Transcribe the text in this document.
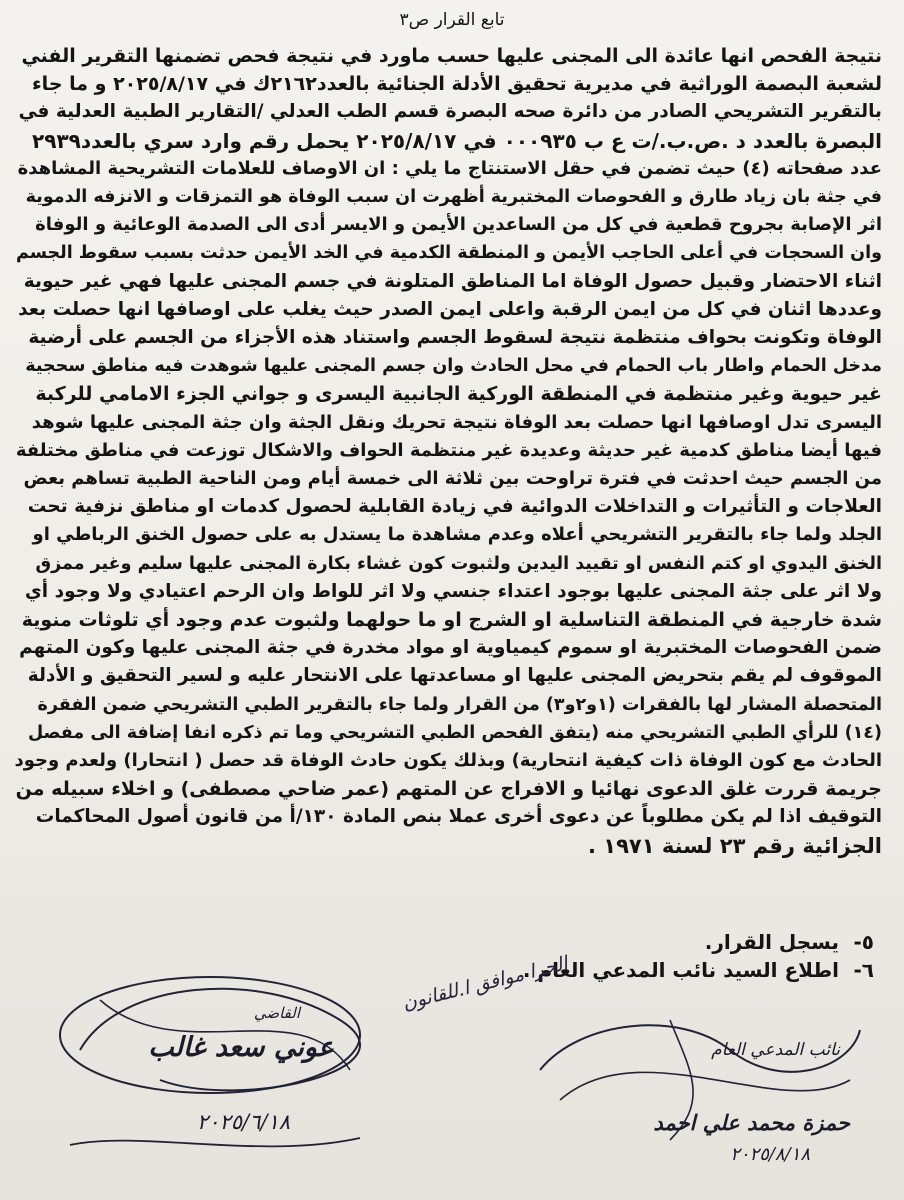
تابع القرار ص٣

نتيجة الفحص انها عائدة الى المجنى عليها حسب ماورد في نتيجة فحص تضمنها التقرير الفني

لشعبة البصمة الوراثية في مديرية تحقيق الأدلة الجنائية بالعدد٢١٦٢ك في ٢٠٢٥/٨/١٧ و ما جاء

بالتقرير التشريحي الصادر من دائرة صحه البصرة قسم الطب العدلي /التقارير الطبية العدلية في

البصرة بالعدد د .ص.ب./ت ع ب ٠٠٠٩٣٥ في ٢٠٢٥/٨/١٧ يحمل رقم وارد سري بالعدد٢٩٣٩

عدد صفحاته (٤) حيث تضمن في حقل الاستنتاج ما يلي : ان الاوصاف للعلامات التشريحية المشاهدة

في جثة بان زياد طارق و الفحوصات المختبرية أظهرت ان سبب الوفاة هو التمزقات و الانزفه الدموية

اثر الإصابة بجروح قطعية في كل من الساعدين الأيمن و الايسر أدى الى الصدمة الوعائية و الوفاة

وان السحجات في أعلى الحاجب الأيمن و المنطقة الكدمية في الخد الأيمن حدثت بسبب سقوط الجسم

اثناء الاحتضار وقبيل حصول الوفاة اما المناطق المتلونة في جسم المجنى عليها فهي غير حيوية

وعددها اثنان في كل من ايمن الرقبة واعلى ايمن الصدر حيث يغلب على اوصافها انها حصلت بعد

الوفاة وتكونت بحواف منتظمة نتيجة لسقوط الجسم واستناد هذه الأجزاء من الجسم على أرضية

مدخل الحمام واطار باب الحمام في محل الحادث وان جسم المجنى عليها شوهدت فيه مناطق سحجية

غير حيوية وغير منتظمة في المنطقة الوركية الجانبية اليسرى و جواني الجزء الامامي للركبة

اليسرى تدل اوصافها انها حصلت بعد الوفاة نتيجة تحريك ونقل الجثة وان جثة المجنى عليها شوهد

فيها أيضا مناطق كدمية غير حديثة وعديدة غير منتظمة الحواف والاشكال توزعت في مناطق مختلفة

من الجسم حيث احدثت في فترة تراوحت بين ثلاثة الى خمسة أيام ومن الناحية الطبية تساهم بعض

العلاجات و التأثيرات و التداخلات الدوائية في زيادة القابلية لحصول كدمات او مناطق نزفية تحت

الجلد ولما جاء بالتقرير التشريحي أعلاه وعدم مشاهدة ما يستدل به على حصول الخنق الرباطي او

الخنق اليدوي او كتم النفس او تقييد اليدين ولثبوت كون غشاء بكارة المجنى عليها سليم وغير ممزق

ولا اثر على جثة المجنى عليها بوجود اعتداء جنسي ولا اثر للواط وان الرحم اعتيادي ولا وجود أي

شدة خارجية في المنطقة التناسلية او الشرج او ما حولهما ولثبوت عدم وجود أي تلوثات منوية

ضمن الفحوصات المختبرية او سموم كيمياوية او مواد مخدرة في جثة المجنى عليها وكون المتهم

الموقوف لم يقم بتحريض المجنى عليها او مساعدتها على الانتحار عليه و لسير التحقيق و الأدلة

المتحصلة المشار لها بالفقرات (١و٢و٣) من القرار ولما جاء بالتقرير الطبي التشريحي ضمن الفقرة

(١٤) للرأي الطبي التشريحي منه (يتفق الفحص الطبي التشريحي وما تم ذكره انفا إضافة الى مفصل

الحادث مع كون الوفاة ذات كيفية انتحارية) وبذلك يكون حادث الوفاة قد حصل ( انتحارا) ولعدم وجود

جريمة قررت غلق الدعوى نهائيا و الافراج عن المتهم (عمر ضاحي مصطفى) و اخلاء سبيله من

التوقيف اذا لم يكن مطلوباً عن دعوى أخرى عملا بنص المادة ١٣٠/أ من قانون أصول المحاكمات

الجزائية رقم ٢٣ لسنة ١٩٧١ .

٥- يسجل القرار.
٦- اطلاع السيد نائب المدعي العام .
الحرا موافق ا.للقانون
القاضي
عوني سعد غالب
٢٠٢٥/٦/١٨
نائب المدعي العام
حمزة محمد علي احمد
٢٠٢٥/٨/١٨
